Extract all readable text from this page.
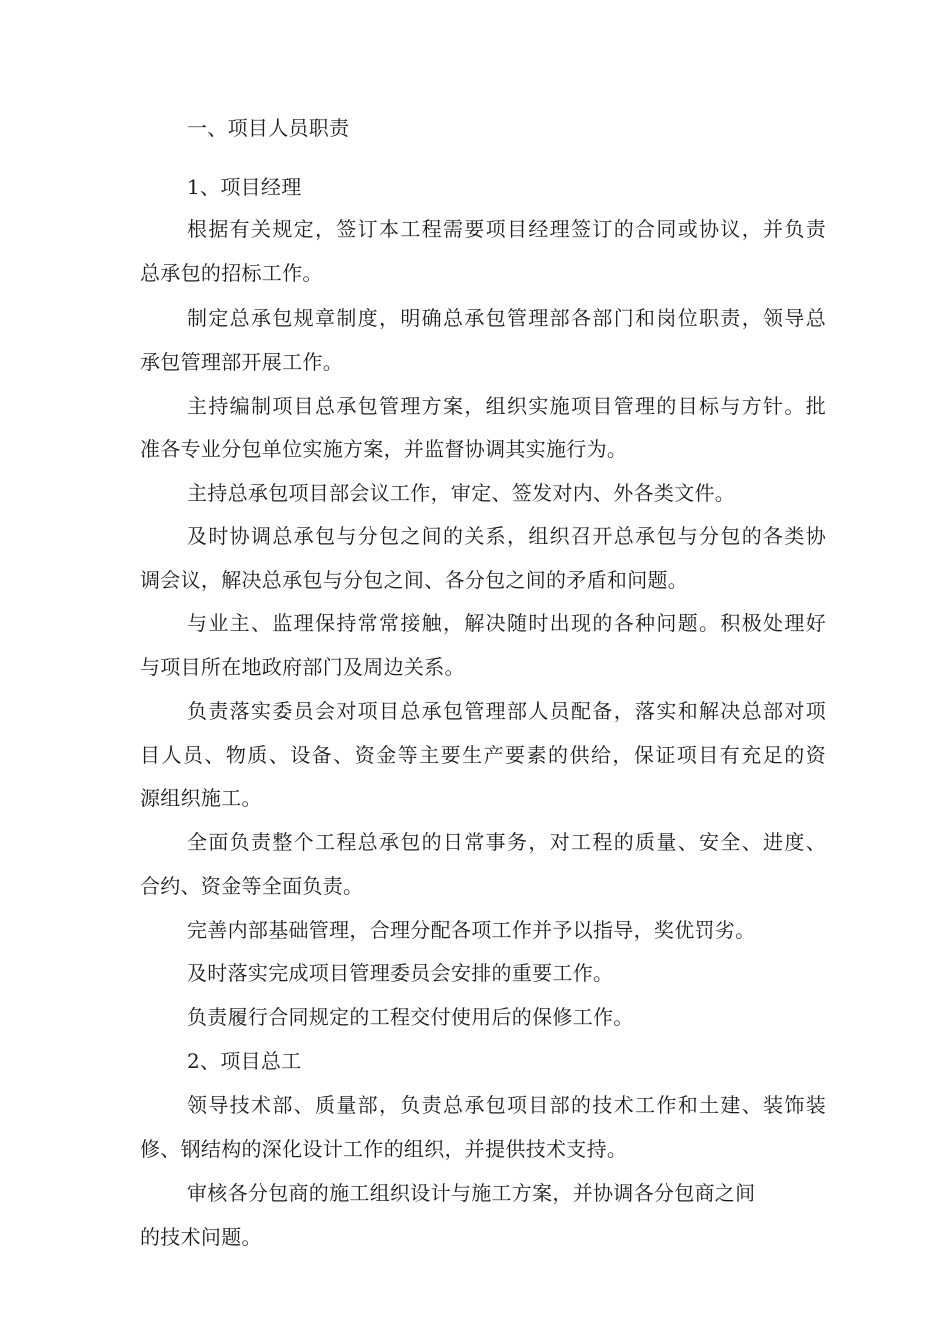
一、项目人员职责
1、项目经理
根据有关规定，签订本工程需要项目经理签订的合同或协议，并负责
总承包的招标工作。
制定总承包规章制度，明确总承包管理部各部门和岗位职责，领导总
承包管理部开展工作。
主持编制项目总承包管理方案，组织实施项目管理的目标与方针。批
准各专业分包单位实施方案，并监督协调其实施行为。
主持总承包项目部会议工作，审定、签发对内、外各类文件。
及时协调总承包与分包之间的关系，组织召开总承包与分包的各类协
调会议，解决总承包与分包之间、各分包之间的矛盾和问题。
与业主、监理保持常常接触，解决随时出现的各种问题。积极处理好
与项目所在地政府部门及周边关系。
负责落实委员会对项目总承包管理部人员配备，落实和解决总部对项
目人员、物质、设备、资金等主要生产要素的供给，保证项目有充足的资
源组织施工。
全面负责整个工程总承包的日常事务，对工程的质量、安全、进度、
合约、资金等全面负责。
完善内部基础管理，合理分配各项工作并予以指导，奖优罚劣。
及时落实完成项目管理委员会安排的重要工作。
负责履行合同规定的工程交付使用后的保修工作。
2、项目总工
领导技术部、质量部，负责总承包项目部的技术工作和土建、装饰装
修、钢结构的深化设计工作的组织，并提供技术支持。
审核各分包商的施工组织设计与施工方案，并协调各分包商之间
的技术问题。
